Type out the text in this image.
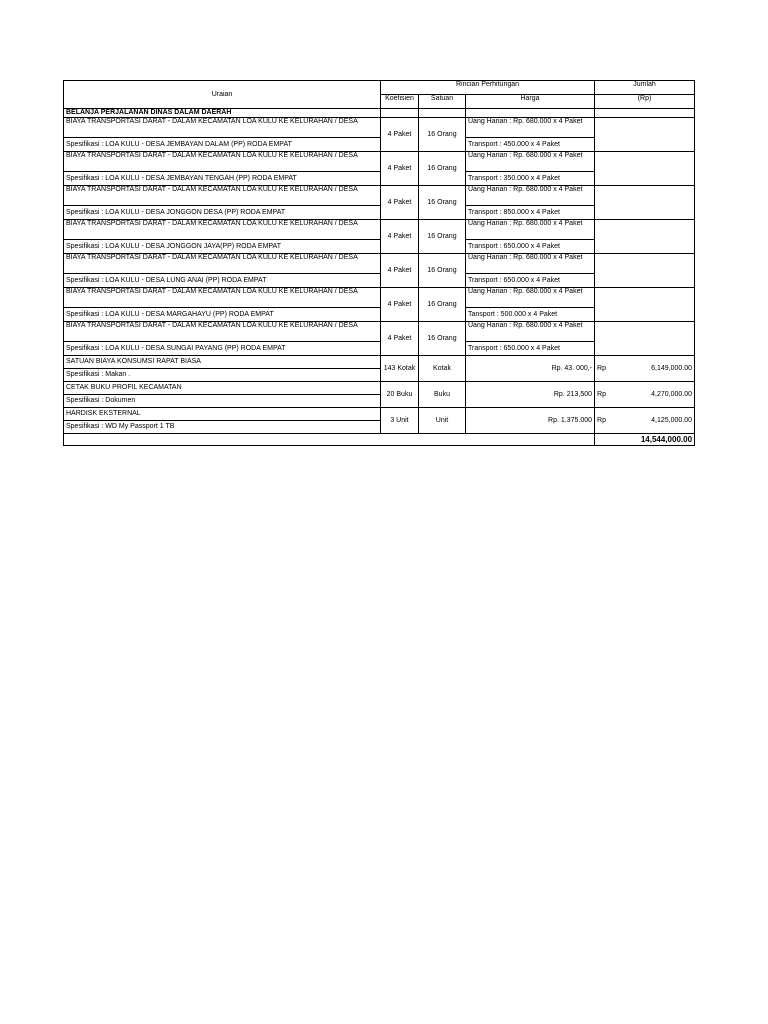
Uraian	Rincian Perhitungan			Jumlah
	Koefisien	Satuan	Harga	(Rp)
BELANJA PERJALANAN DINAS DALAM DAERAH				
BIAYA TRANSPORTASI DARAT - DALAM KECAMATAN LOA KULU KE KELURAHAN / DESA	4 Paket	16 Orang	Uang Harian : Rp. 680.000 x 4 Paket	
Spesifikasi : LOA KULU - DESA JEMBAYAN DALAM (PP) RODA EMPAT			Transport : 450.000 x 4 Paket	
BIAYA TRANSPORTASI DARAT - DALAM KECAMATAN LOA KULU KE KELURAHAN / DESA	4 Paket	16 Orang	Uang Harian : Rp. 680.000 x 4 Paket	
Spesifikasi : LOA KULU - DESA JEMBAYAN TENGAH (PP) RODA EMPAT			Transport : 350.000 x 4 Paket	
BIAYA TRANSPORTASI DARAT - DALAM KECAMATAN LOA KULU KE KELURAHAN / DESA	4 Paket	16 Orang	Uang Harian : Rp. 680.000 x 4 Paket	
Spesifikasi : LOA KULU - DESA JONGGON DESA (PP) RODA EMPAT			Transport : 850.000 x 4 Paket	
BIAYA TRANSPORTASI DARAT - DALAM KECAMATAN LOA KULU KE KELURAHAN / DESA	4 Paket	16 Orang	Uang Harian : Rp. 680.000 x 4 Paket	
Spesifikasi : LOA KULU - DESA JONGGON JAYA(PP) RODA EMPAT			Transport : 650.000 x 4 Paket	
BIAYA TRANSPORTASI DARAT - DALAM KECAMATAN LOA KULU KE KELURAHAN / DESA	4 Paket	16 Orang	Uang Harian : Rp. 680.000 x 4 Paket	
Spesifikasi : LOA KULU - DESA LUNG ANAI (PP) RODA EMPAT			Transport : 650.000 x 4 Paket	
BIAYA TRANSPORTASI DARAT - DALAM KECAMATAN LOA KULU KE KELURAHAN / DESA	4 Paket	16 Orang	Uang Harian : Rp. 680.000 x 4 Paket	
Spesifikasi : LOA KULU - DESA MARGAHAYU (PP) RODA EMPAT			Tansport : 500.000 x 4 Paket	
BIAYA TRANSPORTASI DARAT - DALAM KECAMATAN LOA KULU KE KELURAHAN / DESA	4 Paket	16 Orang	Uang Harian : Rp. 680.000 x 4 Paket	
Spesifikasi : LOA KULU - DESA SUNGAI PAYANG (PP) RODA EMPAT			Transport : 650.000 x 4 Paket	
SATUAN BIAYA KONSUMSI RAPAT BIASA	143 Kotak	Kotak	Rp. 43. 000,-	Rp 6,149,000.00

Spesifikasi : Makan .				
CETAK BUKU PROFIL KECAMATAN	20 Buku	Buku	Rp. 213,500	Rp 4,270,000.00

Spesifikasi : Dokumen				
HARDISK EKSTERNAL	3 Unit	Unit	Rp. 1.375.000	Rp 4,125,000.00

Spesifikasi : WD My Passport 1 TB				
				14,544,000.00
